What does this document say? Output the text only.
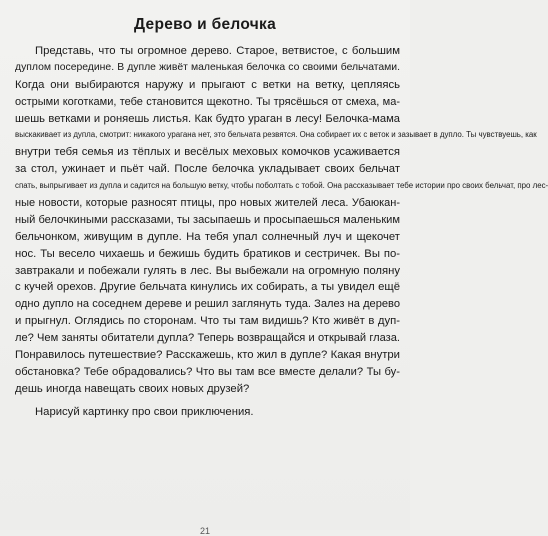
Дерево и белочка
Представь, что ты огромное дерево. Старое, ветвистое, с большим
дуплом посередине. В дупле живёт маленькая белочка со своими бельчатами.
Когда они выбираются наружу и прыгают с ветки на ветку, цепляясь
острыми коготками, тебе становится щекотно. Ты трясёшься от смеха, ма-
шешь ветками и роняешь листья. Как будто ураган в лесу! Белочка-мама
выскакивает из дупла, смотрит: никакого урагана нет, это бельчата резвятся. Она собирает их с веток и зазывает в дупло. Ты чувствуешь, как
внутри тебя семья из тёплых и весёлых меховых комочков усаживается
за стол, ужинает и пьёт чай. После белочка укладывает своих бельчат
спать, выпрыгивает из дупла и садится на большую ветку, чтобы поболтать с тобой. Она рассказывает тебе истории про своих бельчат, про лес-
ные новости, которые разносят птицы, про новых жителей леса. Убаюкан-
ный белочкиными рассказами, ты засыпаешь и просыпаешься маленьким
бельчонком, живущим в дупле. На тебя упал солнечный луч и щекочет
нос. Ты весело чихаешь и бежишь будить братиков и сестричек. Вы по-
завтракали и побежали гулять в лес. Вы выбежали на огромную поляну
с кучей орехов. Другие бельчата кинулись их собирать, а ты увидел ещё
одно дупло на соседнем дереве и решил заглянуть туда. Залез на дерево
и прыгнул. Оглядись по сторонам. Что ты там видишь? Кто живёт в дуп-
ле? Чем заняты обитатели дупла? Теперь возвращайся и открывай глаза.
Понравилось путешествие? Расскажешь, кто жил в дупле? Какая внутри
обстановка? Тебе обрадовались? Что вы там все вместе делали? Ты бу-
дешь иногда навещать своих новых друзей?
Нарисуй картинку про свои приключения.
21
